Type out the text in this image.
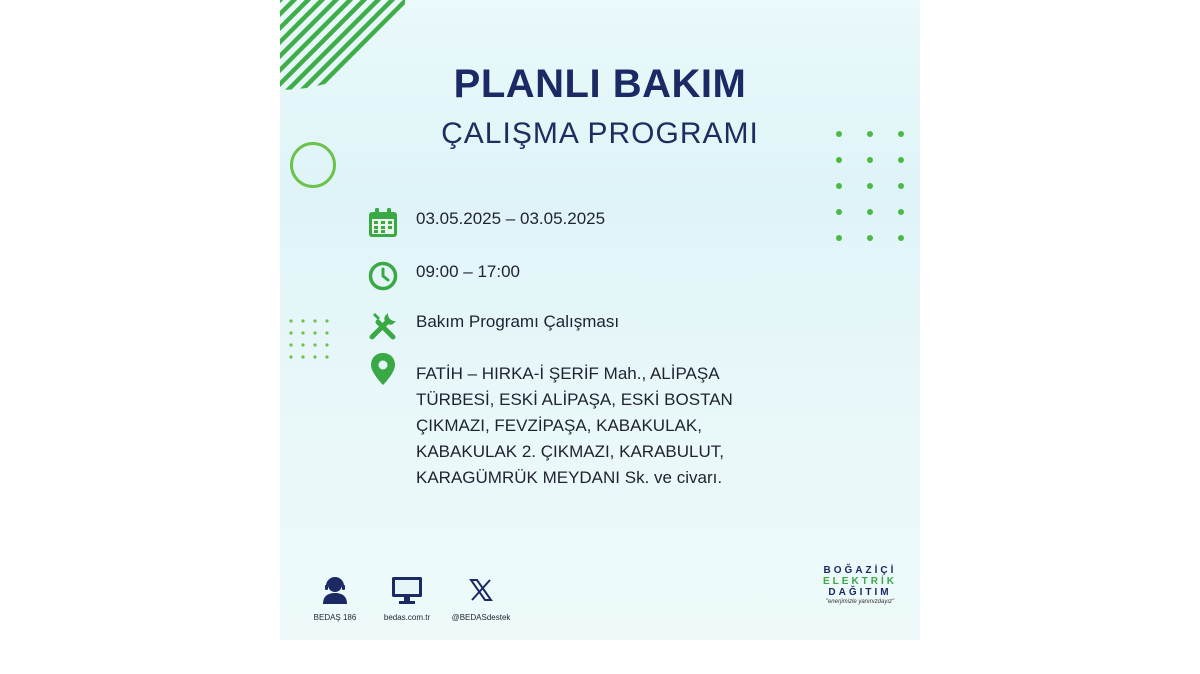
PLANLI BAKIM
ÇALIŞMA PROGRAMI
03.05.2025 – 03.05.2025
09:00 – 17:00
Bakım Programı Çalışması
FATİH – HIRKA-İ ŞERİF Mah., ALİPAŞA
TÜRBESİ, ESKİ ALİPAŞA, ESKİ BOSTAN
ÇIKMAZI, FEVZİPAŞA, KABAKULAK,
KABAKULAK 2. ÇIKMAZI, KARABULUT,
KARAGÜMRÜK MEYDANI Sk. ve civarı.
BEDAŞ 186	bedas.com.tr	@BEDASdestek
BOĞAZİÇİ
ELEKTRİK
DAĞITIM
"enerjimizle yanınızdayız"
